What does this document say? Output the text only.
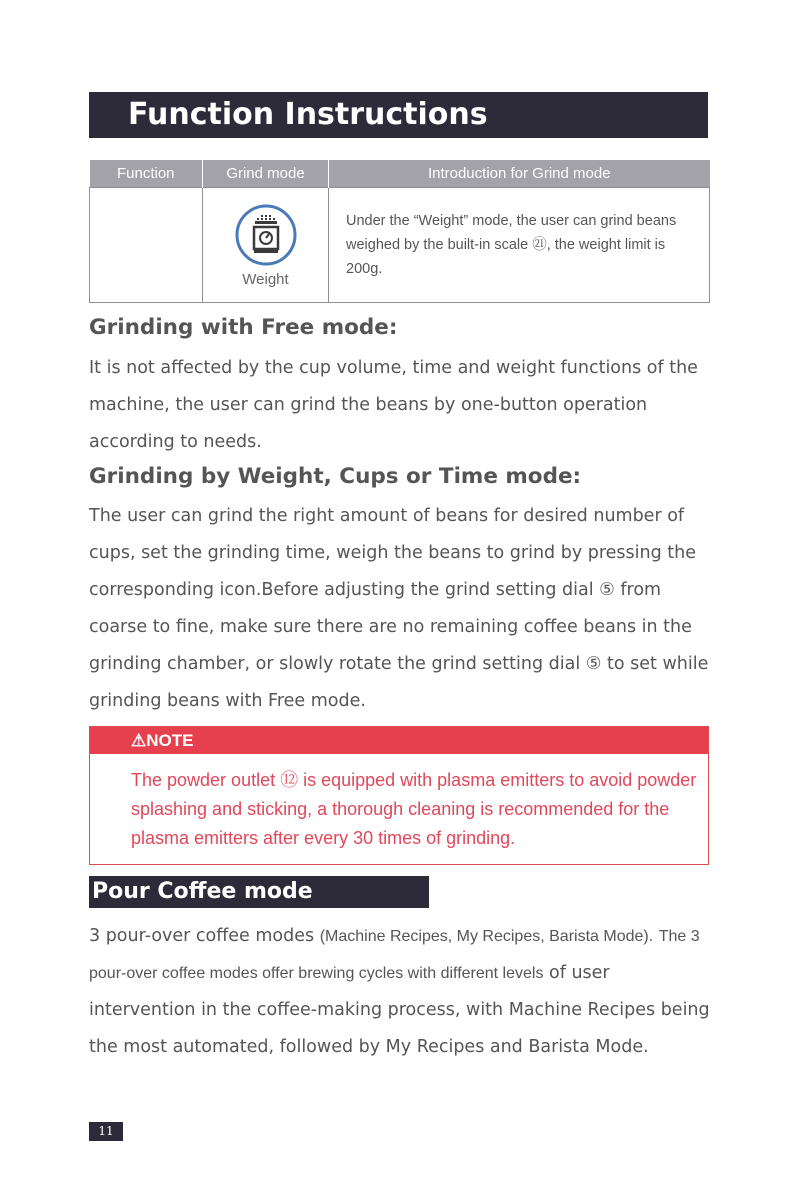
Function Instructions
Function	Grind mode	Introduction for Grind mode

	Weight	Under the “Weight” mode, the user can grind beans weighed by the built-in scale ㉑, the weight limit is 200g.
Grinding with Free mode:

It is not affected by the cup volume, time and weight functions of the machine, the user can grind the beans by one-button operation according to needs.

Grinding by Weight, Cups or Time mode:

The user can grind the right amount of beans for desired number of cups, set the grinding time, weigh the beans to grind by pressing the corresponding icon.Before adjusting the grind setting dial ⑤ from coarse to fine, make sure there are no remaining coffee beans in the grinding chamber, or slowly rotate the grind setting dial ⑤ to set while grinding beans with Free mode.

⚠NOTE

The powder outlet ⑫ is equipped with plasma emitters to avoid powder splashing and sticking, a thorough cleaning is recommended for the plasma emitters after every 30 times of grinding.

Pour Coffee mode

3 pour-over coffee modes (Machine Recipes, My Recipes, Barista Mode). The 3 pour-over coffee modes offer brewing cycles with different levels of user intervention in the coffee-making process, with Machine Recipes being the most automated, followed by My Recipes and Barista Mode.

11
